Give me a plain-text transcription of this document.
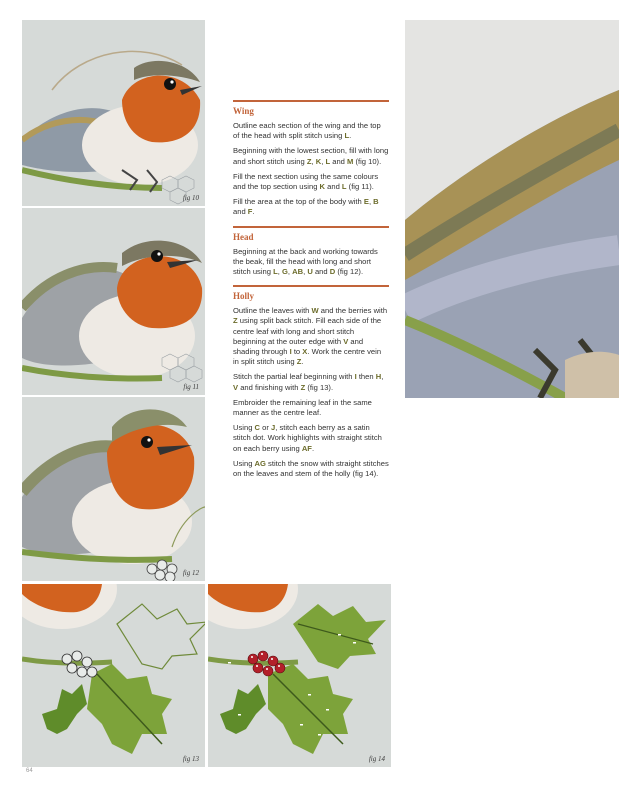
fig 10
fig 11
fig 12
fig 13	fig 14
Wing

Outline each section of the wing and the top of the head with split stitch using L.

Beginning with the lowest section, fill with long and short stitch using Z, K, L and M (fig 10).

Fill the next section using the same colours and the top section using K and L (fig 11).

Fill the area at the top of the body with E, B and F.

Head

Beginning at the back and working towards the beak, fill the head with long and short stitch using L, G, AB, U and D (fig 12).

Holly

Outline the leaves with W and the berries with Z using split back stitch. Fill each side of the centre leaf with long and short stitch beginning at the outer edge with V and shading through I to X. Work the centre vein in split stitch using Z.

Stitch the partial leaf beginning with I then H, V and finishing with Z (fig 13).

Embroider the remaining leaf in the same manner as the centre leaf.

Using C or J, stitch each berry as a satin stitch dot. Work highlights with straight stitch on each berry using AF.

Using AG stitch the snow with straight stitches on the leaves and stem of the holly (fig 14).

64
